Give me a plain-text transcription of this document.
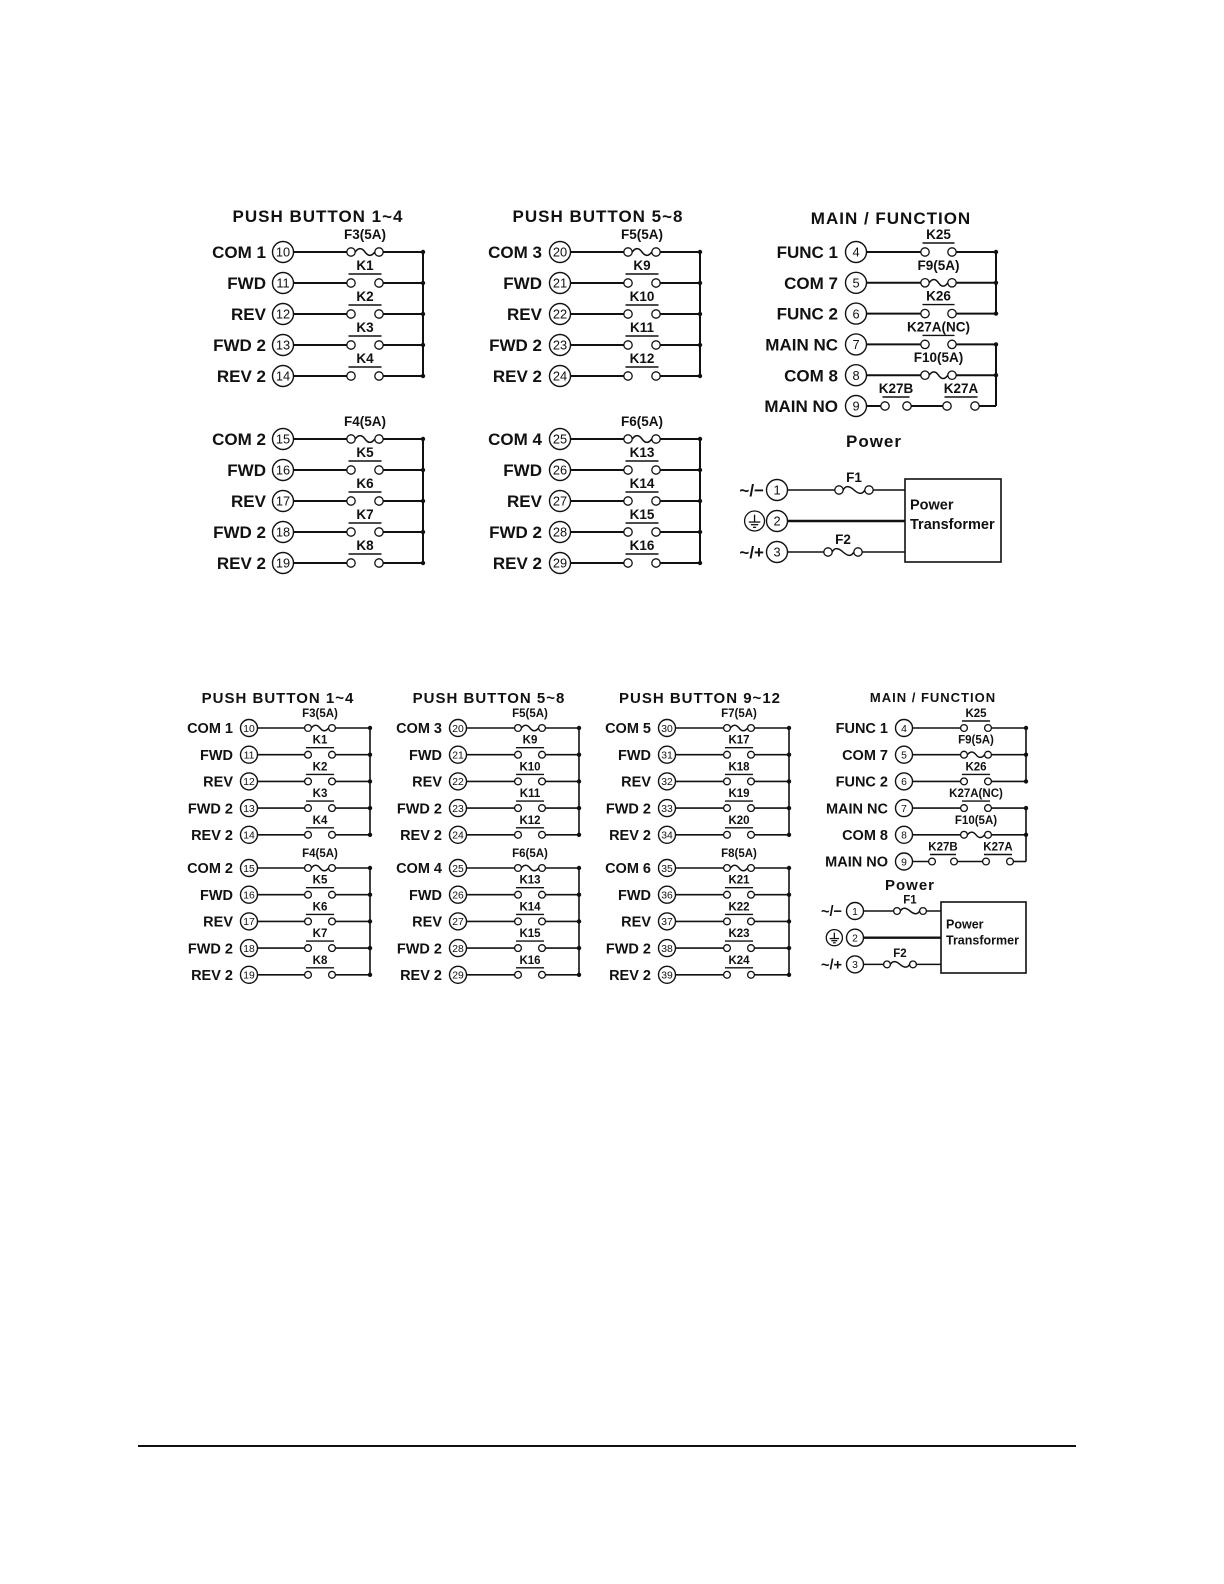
PUSH BUTTON 1~4
COM 1 10
F3(5A)
FWD 11
K1
REV 12
K2
FWD 2 13
K3
REV 2 14
K4
COM 2 15
F4(5A)
FWD 16
K5
REV 17
K6
FWD 2 18
K7
REV 2 19
K8
PUSH BUTTON 5~8
COM 3 20
F5(5A)
FWD 21
K9
REV 22
K10
FWD 2 23
K11
REV 2 24
K12
COM 4 25
F6(5A)
FWD 26
K13
REV 27
K14
FWD 2 28
K15
REV 2 29
K16
MAIN / FUNCTION
FUNC 1 4
K25
COM 7 5
F9(5A)
FUNC 2 6
K26
MAIN NC 7
K27A(NC)
COM 8 8
F10(5A)
MAIN NO 9
K27B K27A
Power
~/− 1
F1
2
~/+ 3
F2
Power
Transformer
PUSH BUTTON 1~4
COM 1 10
F3(5A)
FWD 11
K1
REV 12
K2
FWD 2 13
K3
REV 2 14
K4
COM 2 15
F4(5A)
FWD 16
K5
REV 17
K6
FWD 2 18
K7
REV 2 19
K8
PUSH BUTTON 5~8
COM 3 20
F5(5A)
FWD 21
K9
REV 22
K10
FWD 2 23
K11
REV 2 24
K12
COM 4 25
F6(5A)
FWD 26
K13
REV 27
K14
FWD 2 28
K15
REV 2 29
K16
PUSH BUTTON 9~12
COM 5 30
F7(5A)
FWD 31
K17
REV 32
K18
FWD 2 33
K19
REV 2 34
K20
COM 6 35
F8(5A)
FWD 36
K21
REV 37
K22
FWD 2 38
K23
REV 2 39
K24
MAIN / FUNCTION
FUNC 1 4
K25
COM 7 5
F9(5A)
FUNC 2 6
K26
MAIN NC 7
K27A(NC)
COM 8 8
F10(5A)
MAIN NO 9
K27B K27A
Power
~/− 1
F1
2
~/+ 3
F2
Power
Transformer
